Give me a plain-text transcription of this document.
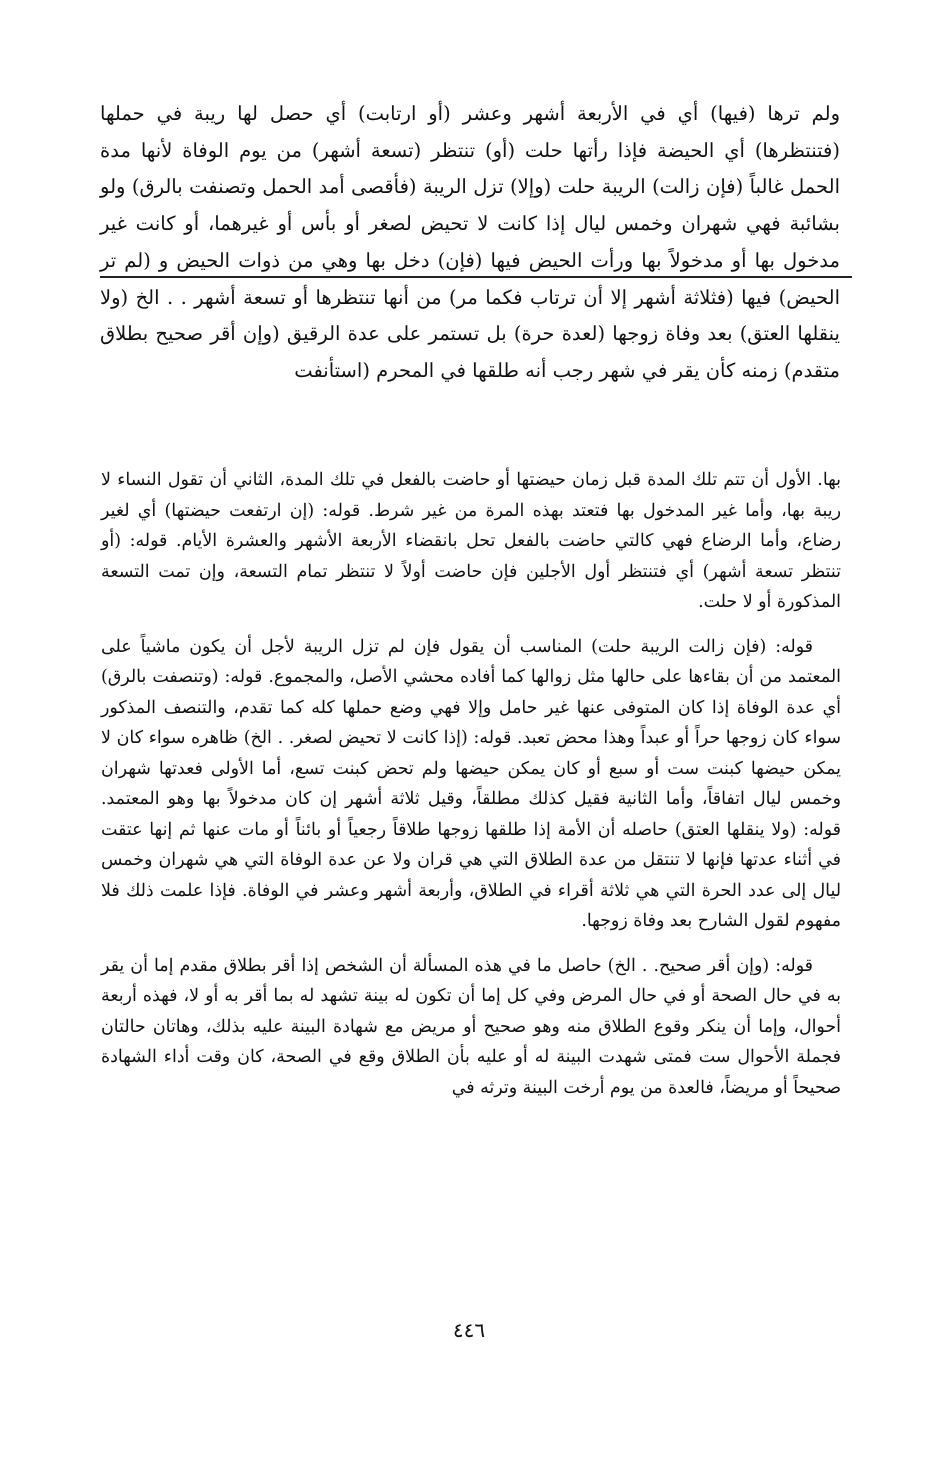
ولم ترها (فيها) أي في الأربعة أشهر وعشر (أو ارتابت) أي حصل لها ريبة في حملها (فتنتظرها) أي الحيضة فإذا رأتها حلت (أو) تنتظر (تسعة أشهر) من يوم الوفاة لأنها مدة الحمل غالباً (فإن زالت) الريبة حلت (وإلا) تزل الريبة (فأقصى أمد الحمل وتصنفت بالرق) ولو بشائبة فهي شهران وخمس ليال إذا كانت لا تحيض لصغر أو بأس أو غيرهما، أو كانت غير مدخول بها أو مدخولاً بها ورأت الحيض فيها (فإن) دخل بها وهي من ذوات الحيض و (لم تر الحيض) فيها (فثلاثة أشهر إلا أن ترتاب فكما مر) من أنها تنتظرها أو تسعة أشهر . . الخ (ولا ينقلها العتق) بعد وفاة زوجها (لعدة حرة) بل تستمر على عدة الرقيق (وإن أقر صحيح بطلاق متقدم) زمنه كأن يقر في شهر رجب أنه طلقها في المحرم (استأنفت

بها. الأول أن تتم تلك المدة قبل زمان حيضتها أو حاضت بالفعل في تلك المدة، الثاني أن تقول النساء لا ريبة بها، وأما غير المدخول بها فتعتد بهذه المرة من غير شرط. قوله: (إن ارتفعت حيضتها) أي لغير رضاع، وأما الرضاع فهي كالتي حاضت بالفعل تحل بانقضاء الأربعة الأشهر والعشرة الأيام. قوله: (أو تنتظر تسعة أشهر) أي فتنتظر أول الأجلين فإن حاضت أولاً لا تنتظر تمام التسعة، وإن تمت التسعة المذكورة أو لا حلت.

قوله: (فإن زالت الريبة حلت) المناسب أن يقول فإن لم تزل الريبة لأجل أن يكون ماشياً على المعتمد من أن بقاءها على حالها مثل زوالها كما أفاده محشي الأصل، والمجموع. قوله: (وتنصفت بالرق) أي عدة الوفاة إذا كان المتوفى عنها غير حامل وإلا فهي وضع حملها كله كما تقدم، والتنصف المذكور سواء كان زوجها حراً أو عبداً وهذا محض تعبد. قوله: (إذا كانت لا تحيض لصغر. . الخ) ظاهره سواء كان لا يمكن حيضها كبنت ست أو سبع أو كان يمكن حيضها ولم تحض كبنت تسع، أما الأولى فعدتها شهران وخمس ليال اتفاقاً، وأما الثانية فقيل كذلك مطلقاً، وقيل ثلاثة أشهر إن كان مدخولاً بها وهو المعتمد. قوله: (ولا ينقلها العتق) حاصله أن الأمة إذا طلقها زوجها طلاقاً رجعياً أو بائناً أو مات عنها ثم إنها عتقت في أثناء عدتها فإنها لا تنتقل من عدة الطلاق التي هي قران ولا عن عدة الوفاة التي هي شهران وخمس ليال إلى عدد الحرة التي هي ثلاثة أقراء في الطلاق، وأربعة أشهر وعشر في الوفاة. فإذا علمت ذلك فلا مفهوم لقول الشارح بعد وفاة زوجها.

قوله: (وإن أقر صحيح. . الخ) حاصل ما في هذه المسألة أن الشخص إذا أقر بطلاق مقدم إما أن يقر به في حال الصحة أو في حال المرض وفي كل إما أن تكون له بينة تشهد له بما أقر به أو لا، فهذه أربعة أحوال، وإما أن ينكر وقوع الطلاق منه وهو صحيح أو مريض مع شهادة البينة عليه بذلك، وهاتان حالتان فجملة الأحوال ست فمتى شهدت البينة له أو عليه بأن الطلاق وقع في الصحة، كان وقت أداء الشهادة صحيحاً أو مريضاً، فالعدة من يوم أرخت البينة وترثه في

٤٤٦
